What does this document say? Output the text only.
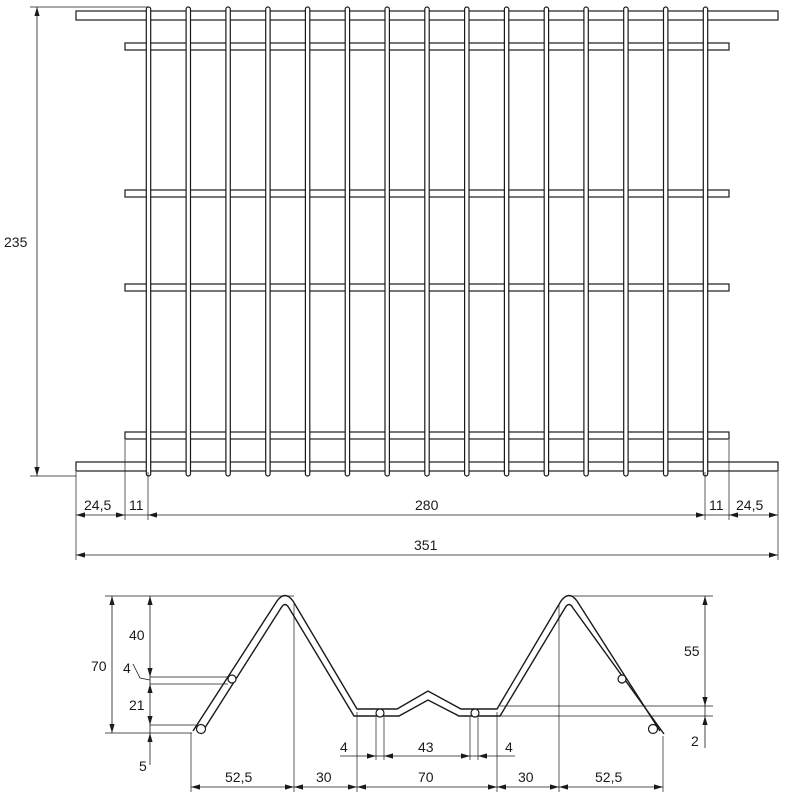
235
24,5 11	280	11 24,5
351
70
40
4
21
5
55
2
4	43	4
52,5	30	70	30	52,5
